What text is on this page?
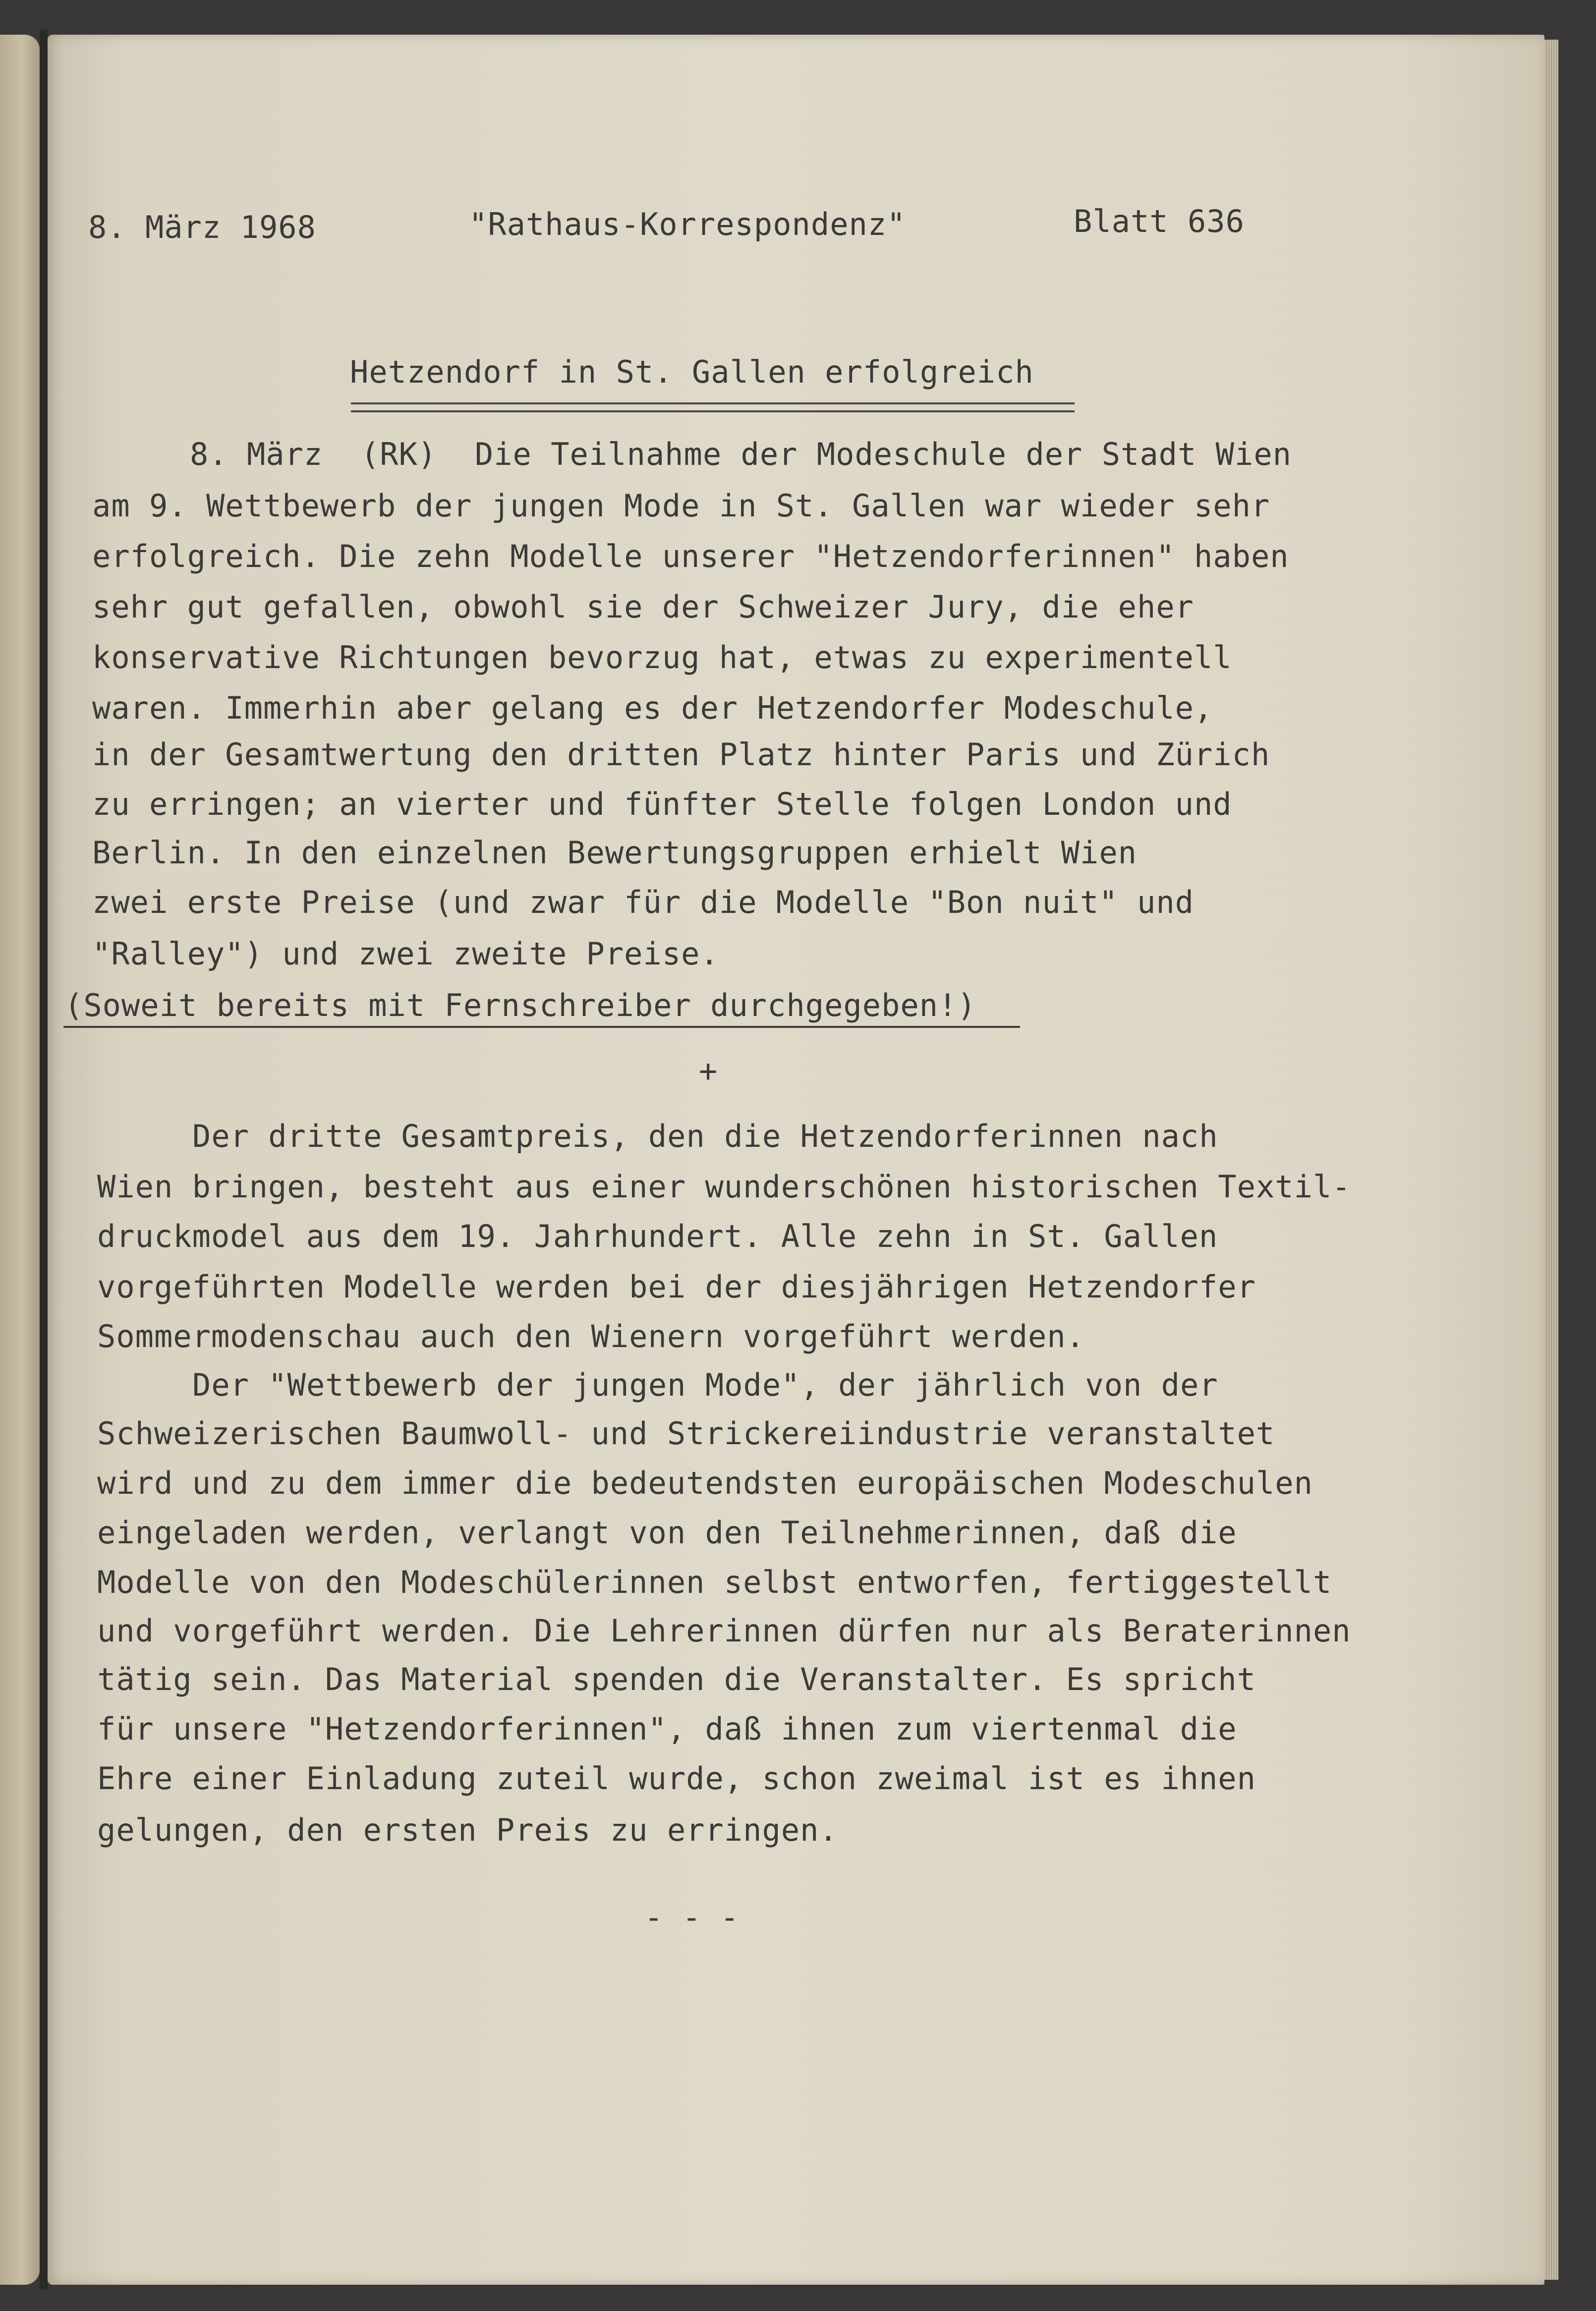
8. März 1968	"Rathaus-Korrespondenz"	Blatt 636
Hetzendorf in St. Gallen erfolgreich
8. März  (RK)  Die Teilnahme der Modeschule der Stadt Wien
am 9. Wettbewerb der jungen Mode in St. Gallen war wieder sehr
erfolgreich. Die zehn Modelle unserer "Hetzendorferinnen" haben
sehr gut gefallen, obwohl sie der Schweizer Jury, die eher
konservative Richtungen bevorzug hat, etwas zu experimentell
waren. Immerhin aber gelang es der Hetzendorfer Modeschule,
in der Gesamtwertung den dritten Platz hinter Paris und Zürich
zu erringen; an vierter und fünfter Stelle folgen London und
Berlin. In den einzelnen Bewertungsgruppen erhielt Wien
zwei erste Preise (und zwar für die Modelle "Bon nuit" und
"Ralley") und zwei zweite Preise.
(Soweit bereits mit Fernschreiber durchgegeben!)
+
Der dritte Gesamtpreis, den die Hetzendorferinnen nach
Wien bringen, besteht aus einer wunderschönen historischen Textil-
druckmodel aus dem 19. Jahrhundert. Alle zehn in St. Gallen
vorgeführten Modelle werden bei der diesjährigen Hetzendorfer
Sommermodenschau auch den Wienern vorgeführt werden.
Der "Wettbewerb der jungen Mode", der jährlich von der
Schweizerischen Baumwoll- und Strickereiindustrie veranstaltet
wird und zu dem immer die bedeutendsten europäischen Modeschulen
eingeladen werden, verlangt von den Teilnehmerinnen, daß die
Modelle von den Modeschülerinnen selbst entworfen, fertiggestellt
und vorgeführt werden. Die Lehrerinnen dürfen nur als Beraterinnen
tätig sein. Das Material spenden die Veranstalter. Es spricht
für unsere "Hetzendorferinnen", daß ihnen zum viertenmal die
Ehre einer Einladung zuteil wurde, schon zweimal ist es ihnen
gelungen, den ersten Preis zu erringen.
- - -
